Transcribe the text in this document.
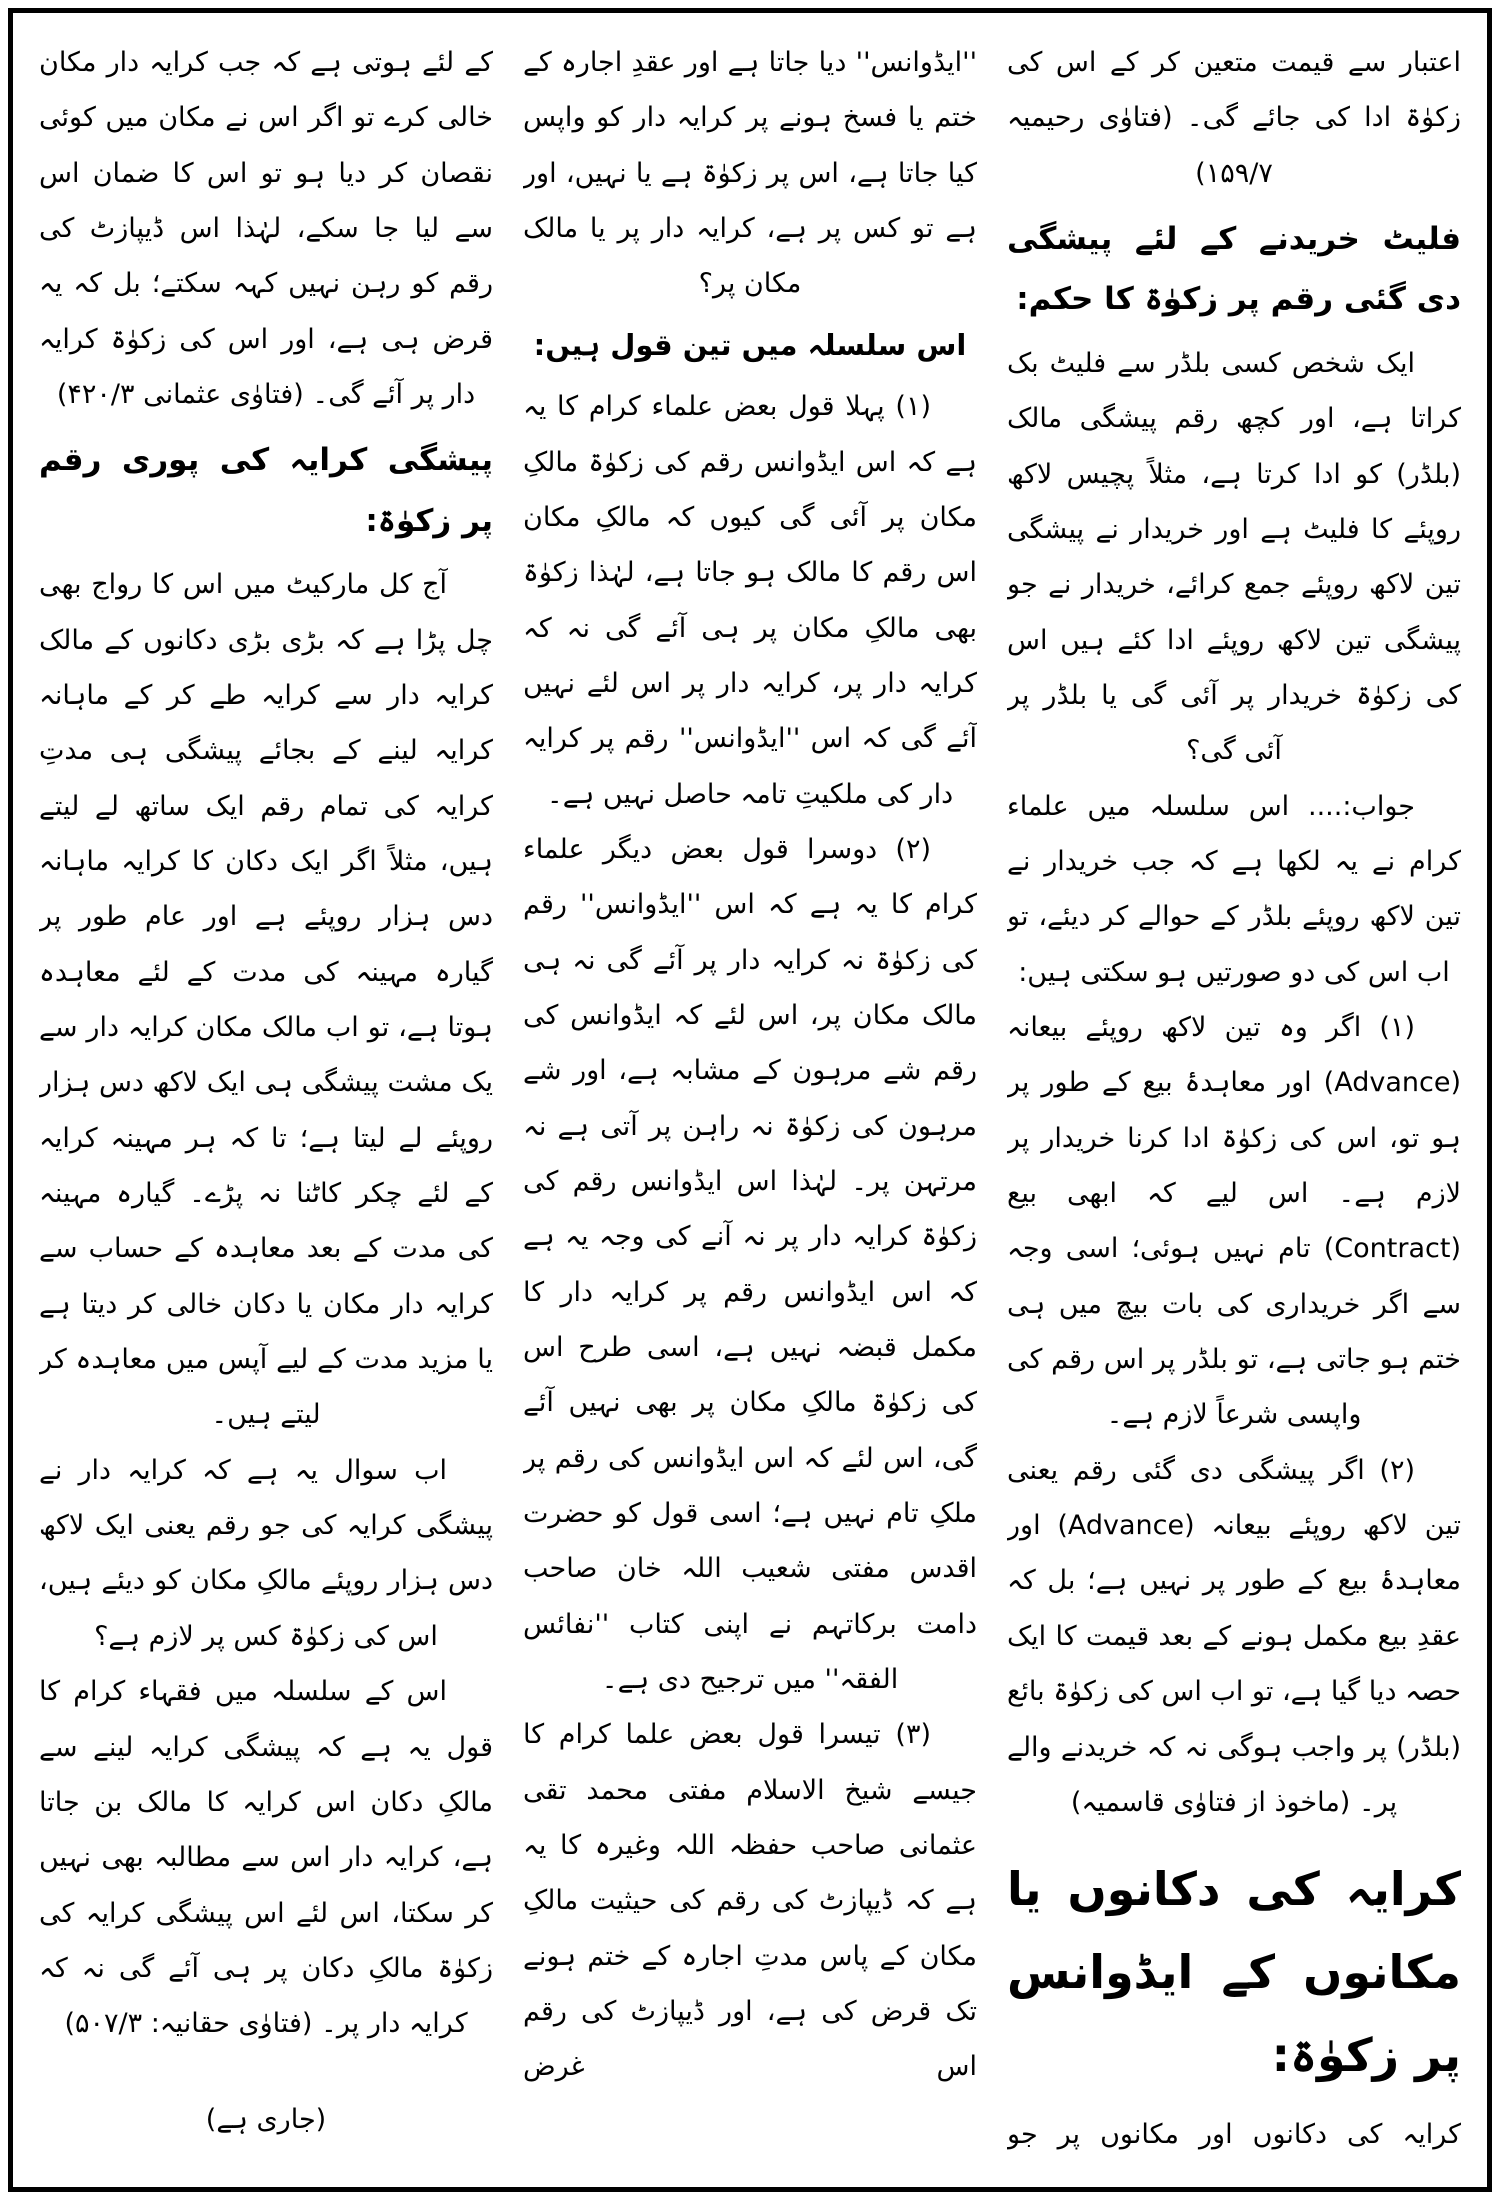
اعتبار سے قیمت متعین کر کے اس کی زکوٰۃ ادا کی جائے گی۔ (فتاوٰی رحیمیہ ۷/‏۱۵۹)

فلیٹ خریدنے کے لئے پیشگی دی گئی رقم پر زکوٰۃ کا حکم:

ایک شخص کسی بلڈر سے فلیٹ بک کراتا ہے، اور کچھ رقم پیشگی مالک (بلڈر) کو ادا کرتا ہے، مثلاً پچیس لاکھ روپئے کا فلیٹ ہے اور خریدار نے پیشگی تین لاکھ روپئے جمع کرائے، خریدار نے جو پیشگی تین لاکھ روپئے ادا کئے ہیں اس کی زکوٰۃ خریدار پر آئی گی یا بلڈر پر آئی گی؟

جواب:.... اس سلسلہ میں علماء کرام نے یہ لکھا ہے کہ جب خریدار نے تین لاکھ روپئے بلڈر کے حوالے کر دیئے، تو اب اس کی دو صورتیں ہو سکتی ہیں:

(۱) اگر وہ تین لاکھ روپئے بیعانہ (Advance) اور معاہدۂ بیع کے طور پر ہو تو، اس کی زکوٰۃ ادا کرنا خریدار پر لازم ہے۔ اس لیے کہ ابھی بیع (Contract) تام نہیں ہوئی؛ اسی وجہ سے اگر خریداری کی بات بیچ میں ہی ختم ہو جاتی ہے، تو بلڈر پر اس رقم کی واپسی شرعاً لازم ہے۔

(۲) اگر پیشگی دی گئی رقم یعنی تین لاکھ روپئے بیعانہ (Advance) اور معاہدۂ بیع کے طور پر نہیں ہے؛ بل کہ عقدِ بیع مکمل ہونے کے بعد قیمت کا ایک حصہ دیا گیا ہے، تو اب اس کی زکوٰۃ بائع (بلڈر) پر واجب ہوگی نہ کہ خریدنے والے پر۔ (ماخوذ از فتاوٰی قاسمیہ)

کرایہ کی دکانوں یا مکانوں کے ایڈوانس پر زکوٰۃ:

کرایہ کی دکانوں اور مکانوں پر جو

''ایڈوانس'' دیا جاتا ہے اور عقدِ اجارہ کے ختم یا فسخ ہونے پر کرایہ دار کو واپس کیا جاتا ہے، اس پر زکوٰۃ ہے یا نہیں، اور ہے تو کس پر ہے، کرایہ دار پر یا مالک مکان پر؟

اس سلسلہ میں تین قول ہیں:

(۱) پہلا قول بعض علماء کرام کا یہ ہے کہ اس ایڈوانس رقم کی زکوٰۃ مالکِ مکان پر آئی گی کیوں کہ مالکِ مکان اس رقم کا مالک ہو جاتا ہے، لہٰذا زکوٰۃ بھی مالکِ مکان پر ہی آئے گی نہ کہ کرایہ دار پر، کرایہ دار پر اس لئے نہیں آئے گی کہ اس ''ایڈوانس'' رقم پر کرایہ دار کی ملکیتِ تامہ حاصل نہیں ہے۔

(۲) دوسرا قول بعض دیگر علماء کرام کا یہ ہے کہ اس ''ایڈوانس'' رقم کی زکوٰۃ نہ کرایہ دار پر آئے گی نہ ہی مالک مکان پر، اس لئے کہ ایڈوانس کی رقم شے مرہون کے مشابہ ہے، اور شے مرہون کی زکوٰۃ نہ راہن پر آتی ہے نہ مرتہن پر۔ لہٰذا اس ایڈوانس رقم کی زکوٰۃ کرایہ دار پر نہ آنے کی وجہ یہ ہے کہ اس ایڈوانس رقم پر کرایہ دار کا مکمل قبضہ نہیں ہے، اسی طرح اس کی زکوٰۃ مالکِ مکان پر بھی نہیں آئے گی، اس لئے کہ اس ایڈوانس کی رقم پر ملکِ تام نہیں ہے؛ اسی قول کو حضرت اقدس مفتی شعیب اللہ خان صاحب دامت برکاتہم نے اپنی کتاب ''نفائس الفقہ'' میں ترجیح دی ہے۔

(۳) تیسرا قول بعض علما کرام کا جیسے شیخ الاسلام مفتی محمد تقی عثمانی صاحب حفظہ اللہ وغیرہ کا یہ ہے کہ ڈیپازٹ کی رقم کی حیثیت مالکِ مکان کے پاس مدتِ اجارہ کے ختم ہونے تک قرض کی ہے، اور ڈیپازٹ کی رقم اس غرض

کے لئے ہوتی ہے کہ جب کرایہ دار مکان خالی کرے تو اگر اس نے مکان میں کوئی نقصان کر دیا ہو تو اس کا ضمان اس سے لیا جا سکے، لہٰذا اس ڈیپازٹ کی رقم کو رہن نہیں کہہ سکتے؛ بل کہ یہ قرض ہی ہے، اور اس کی زکوٰۃ کرایہ دار پر آئے گی۔ (فتاوٰی عثمانی ۳/‏۴۲۰)

پیشگی کرایہ کی پوری رقم پر زکوٰۃ:

آج کل مارکیٹ میں اس کا رواج بھی چل پڑا ہے کہ بڑی بڑی دکانوں کے مالک کرایہ دار سے کرایہ طے کر کے ماہانہ کرایہ لینے کے بجائے پیشگی ہی مدتِ کرایہ کی تمام رقم ایک ساتھ لے لیتے ہیں، مثلاً اگر ایک دکان کا کرایہ ماہانہ دس ہزار روپئے ہے اور عام طور پر گیارہ مہینہ کی مدت کے لئے معاہدہ ہوتا ہے، تو اب مالک مکان کرایہ دار سے یک مشت پیشگی ہی ایک لاکھ دس ہزار روپئے لے لیتا ہے؛ تا کہ ہر مہینہ کرایہ کے لئے چکر کاٹنا نہ پڑے۔ گیارہ مہینہ کی مدت کے بعد معاہدہ کے حساب سے کرایہ دار مکان یا دکان خالی کر دیتا ہے یا مزید مدت کے لیے آپس میں معاہدہ کر لیتے ہیں۔

اب سوال یہ ہے کہ کرایہ دار نے پیشگی کرایہ کی جو رقم یعنی ایک لاکھ دس ہزار روپئے مالکِ مکان کو دیئے ہیں، اس کی زکوٰۃ کس پر لازم ہے؟

اس کے سلسلہ میں فقہاء کرام کا قول یہ ہے کہ پیشگی کرایہ لینے سے مالکِ دکان اس کرایہ کا مالک بن جاتا ہے، کرایہ دار اس سے مطالبہ بھی نہیں کر سکتا، اس لئے اس پیشگی کرایہ کی زکوٰۃ مالکِ دکان پر ہی آئے گی نہ کہ کرایہ دار پر۔ (فتاوٰی حقانیہ: ۳/‏۵۰۷)

(جاری ہے)
